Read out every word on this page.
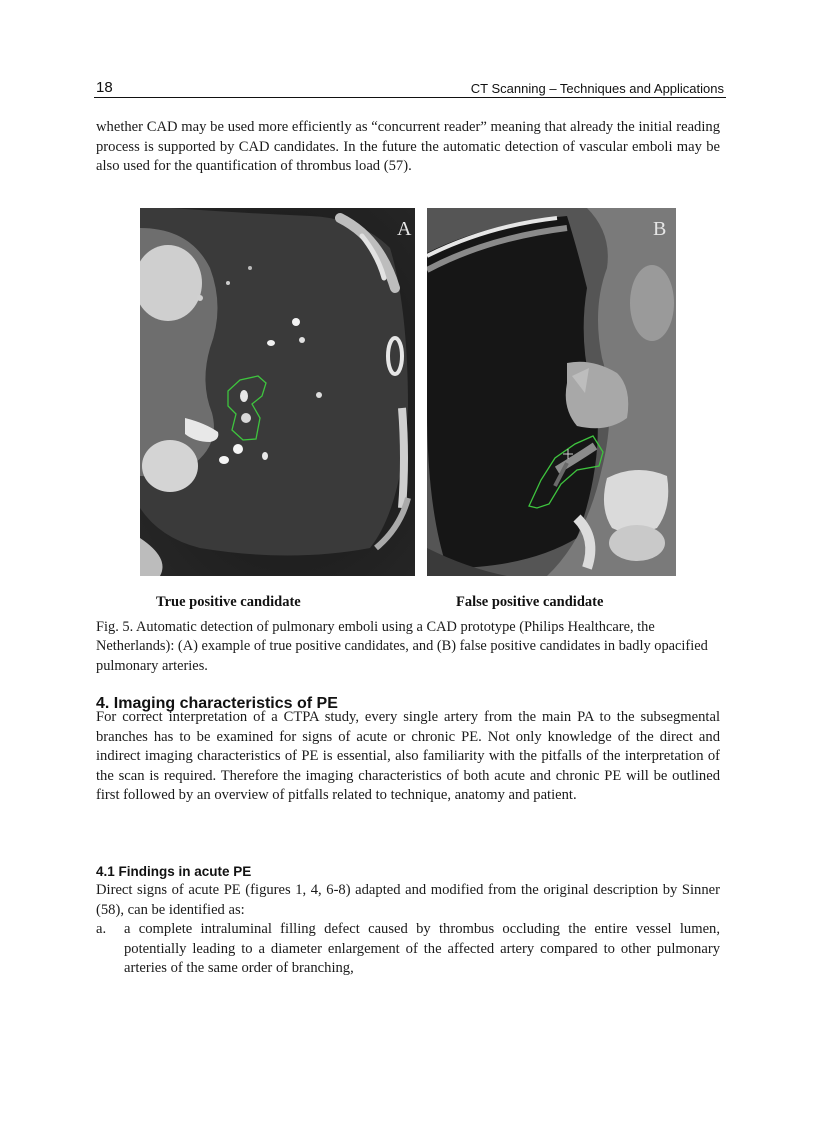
18	CT Scanning – Techniques and Applications

whether CAD may be used more efficiently as “concurrent reader” meaning that already the initial reading process is supported by CAD candidates. In the future the automatic detection of vascular emboli may be also used for the quantification of thrombus load (57).

A	B
True positive candidate	False positive candidate

Fig. 5. Automatic detection of pulmonary emboli using a CAD prototype (Philips Healthcare, the Netherlands): (A) example of true positive candidates, and (B) false positive candidates in badly opacified pulmonary arteries.

4. Imaging characteristics of PE

For correct interpretation of a CTPA study, every single artery from the main PA to the subsegmental branches has to be examined for signs of acute or chronic PE. Not only knowledge of the direct and indirect imaging characteristics of PE is essential, also familiarity with the pitfalls of the interpretation of the scan is required. Therefore the imaging characteristics of both acute and chronic PE will be outlined first followed by an overview of pitfalls related to technique, anatomy and patient.

4.1 Findings in acute PE

Direct signs of acute PE (figures 1, 4, 6-8) adapted and modified from the original description by Sinner (58), can be identified as:

a. a complete intraluminal filling defect caused by thrombus occluding the entire vessel lumen, potentially leading to a diameter enlargement of the affected artery compared to other pulmonary arteries of the same order of branching,
